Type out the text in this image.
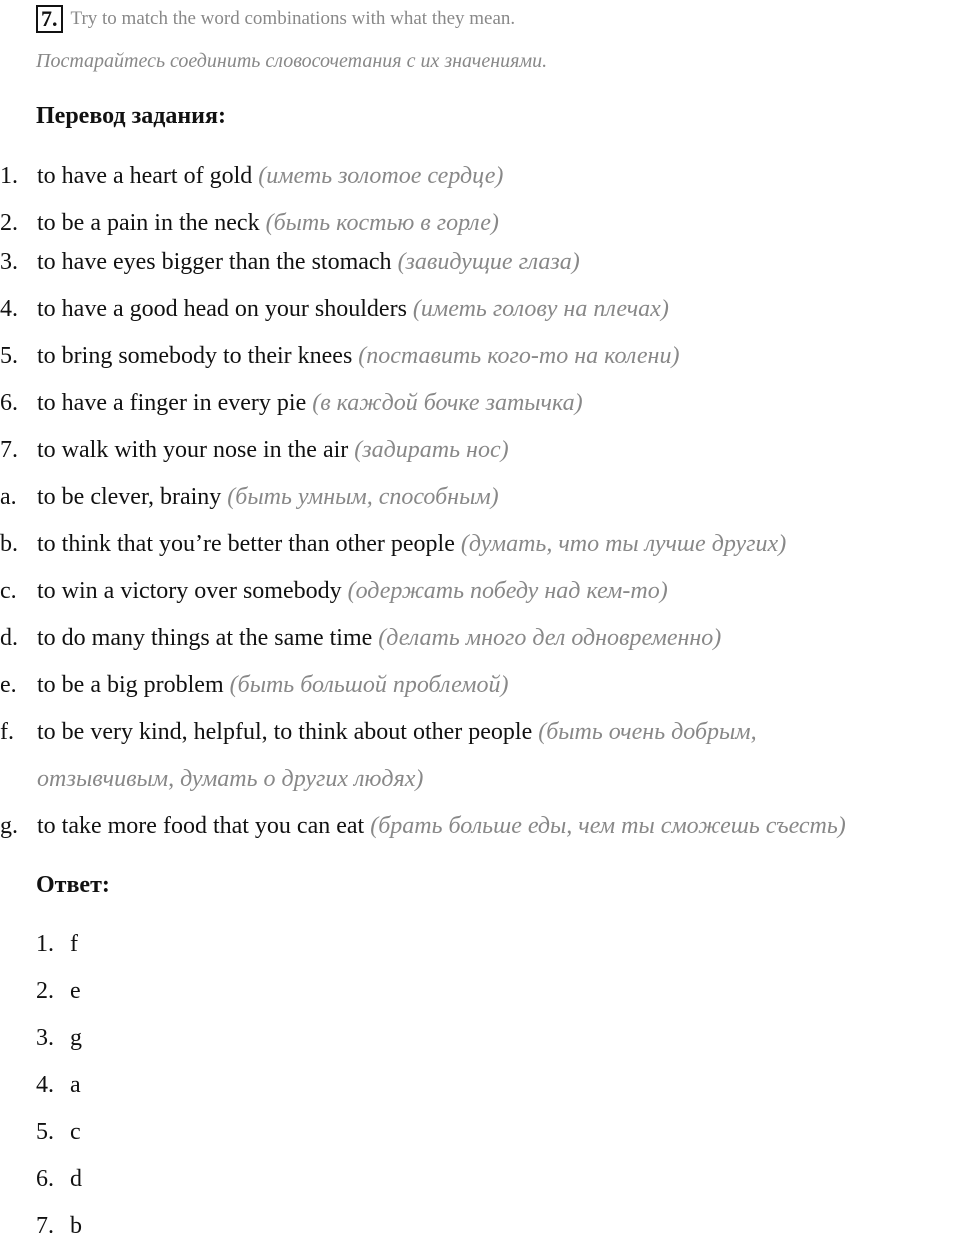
7. Try to match the word combinations with what they mean.
Постарайтесь соединить словосочетания с их значениями.
Перевод задания:
1. to have a heart of gold (иметь золотое сердце)
2. to be a pain in the neck (быть костью в горле)
3. to have eyes bigger than the stomach (завидущие глаза)
4. to have a good head on your shoulders (иметь голову на плечах)
5. to bring somebody to their knees (поставить кого-то на колени)
6. to have a finger in every pie (в каждой бочке затычка)
7. to walk with your nose in the air (задирать нос)
a. to be clever, brainy (быть умным, способным)
b. to think that you’re better than other people (думать, что ты лучше других)
c. to win a victory over somebody (одержать победу над кем-то)
d. to do many things at the same time (делать много дел одновременно)
e. to be a big problem (быть большой проблемой)
f. to be very kind, helpful, to think about other people (быть очень добрым,
отзывчивым, думать о других людях)
g. to take more food that you can eat (брать больше еды, чем ты сможешь съесть)
Ответ:
1. f
2. e
3. g
4. a
5. c
6. d
7. b
